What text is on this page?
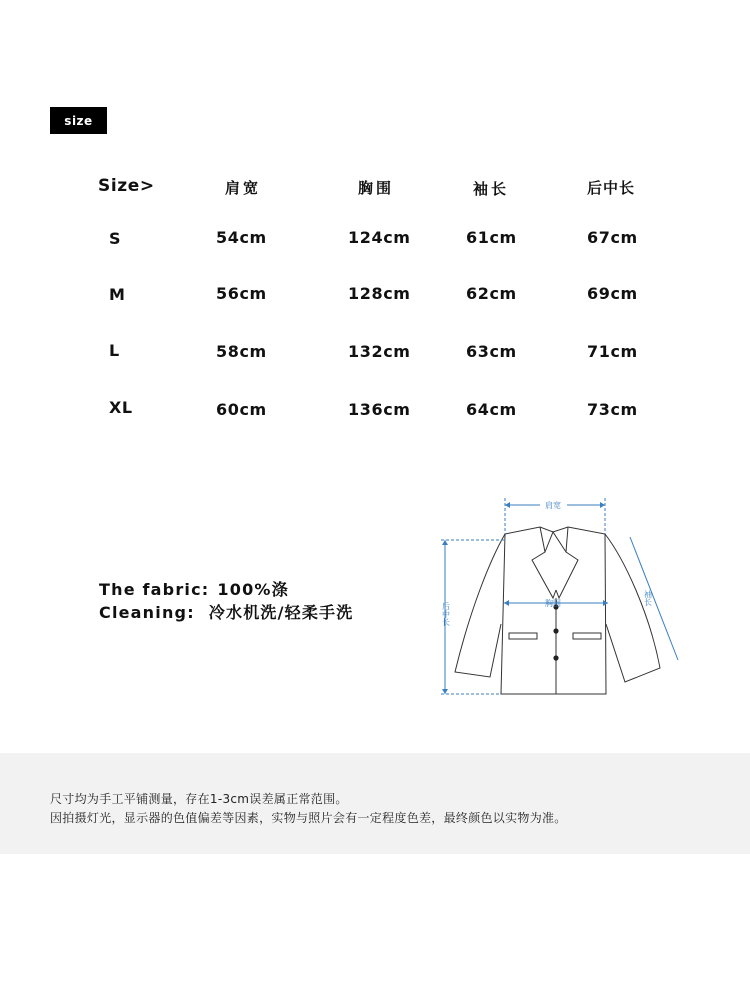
size
Size>	肩宽	胸围	袖长	后中长
S	54cm	124cm	61cm	67cm
M	56cm	128cm	62cm	69cm
L	58cm	132cm	63cm	71cm
XL	60cm	136cm	64cm	73cm
The fabric: 100%涤
Cleaning: 冷水机洗/轻柔手洗
肩宽
胸围	袖长
后中长
尺寸均为手工平铺测量，存在1-3cm误差属正常范围。
因拍摄灯光，显示器的色值偏差等因素，实物与照片会有一定程度色差，最终颜色以实物为准。
